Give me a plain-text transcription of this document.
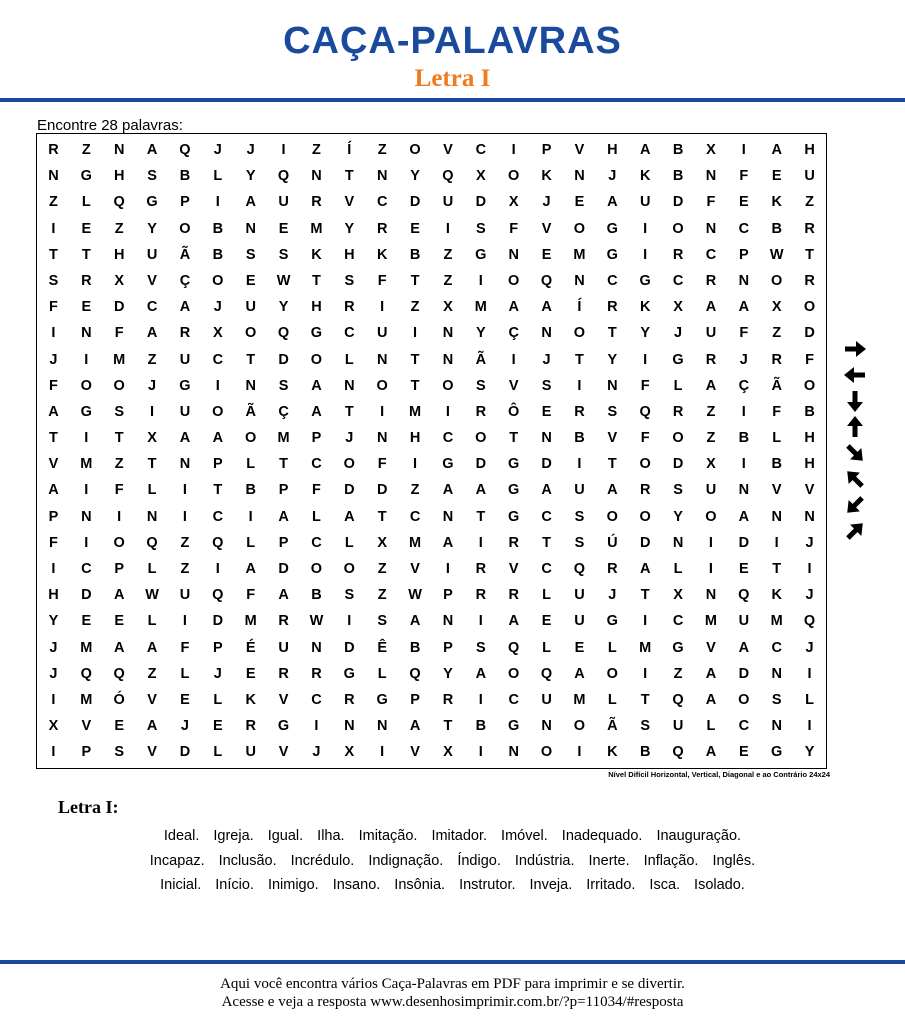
CAÇA-PALAVRAS
Letra I
Encontre 28 palavras:
R	Z	N	A	Q	J	J	I	Z	Í	Z	O	V	C	I	P	V	H	A	B	X	I	A	H
N	G	H	S	B	L	Y	Q	N	T	N	Y	Q	X	O	K	N	J	K	B	N	F	E	U
Z	L	Q	G	P	I	A	U	R	V	C	D	U	D	X	J	E	A	U	D	F	E	K	Z
I	E	Z	Y	O	B	N	E	M	Y	R	E	I	S	F	V	O	G	I	O	N	C	B	R
T	T	H	U	Ã	B	S	S	K	H	K	B	Z	G	N	E	M	G	I	R	C	P	W	T
S	R	X	V	Ç	O	E	W	T	S	F	T	Z	I	O	Q	N	C	G	C	R	N	O	R
F	E	D	C	A	J	U	Y	H	R	I	Z	X	M	A	A	Í	R	K	X	A	A	X	O
I	N	F	A	R	X	O	Q	G	C	U	I	N	Y	Ç	N	O	T	Y	J	U	F	Z	D
J	I	M	Z	U	C	T	D	O	L	N	T	N	Ã	I	J	T	Y	I	G	R	J	R	F
F	O	O	J	G	I	N	S	A	N	O	T	O	S	V	S	I	N	F	L	A	Ç	Ã	O
A	G	S	I	U	O	Ã	Ç	A	T	I	M	I	R	Ô	E	R	S	Q	R	Z	I	F	B
T	I	T	X	A	A	O	M	P	J	N	H	C	O	T	N	B	V	F	O	Z	B	L	H
V	M	Z	T	N	P	L	T	C	O	F	I	G	D	G	D	I	T	O	D	X	I	B	H
A	I	F	L	I	T	B	P	F	D	D	Z	A	A	G	A	U	A	R	S	U	N	V	V
P	N	I	N	I	C	I	A	L	A	T	C	N	T	G	C	S	O	O	Y	O	A	N	N
F	I	O	Q	Z	Q	L	P	C	L	X	M	A	I	R	T	S	Ú	D	N	I	D	I	J
I	C	P	L	Z	I	A	D	O	O	Z	V	I	R	V	C	Q	R	A	L	I	E	T	I
H	D	A	W	U	Q	F	A	B	S	Z	W	P	R	R	L	U	J	T	X	N	Q	K	J
Y	E	E	L	I	D	M	R	W	I	S	A	N	I	A	E	U	G	I	C	M	U	M	Q
J	M	A	A	F	P	É	U	N	D	Ê	B	P	S	Q	L	E	L	M	G	V	A	C	J
J	Q	Q	Z	L	J	E	R	R	G	L	Q	Y	A	O	Q	A	O	I	Z	A	D	N	I
I	M	Ó	V	E	L	K	V	C	R	G	P	R	I	C	U	M	L	T	Q	A	O	S	L
X	V	E	A	J	E	R	G	I	N	N	A	T	B	G	N	O	Ã	S	U	L	C	N	I
I	P	S	V	D	L	U	V	J	X	I	V	X	I	N	O	I	K	B	Q	A	E	G	Y
Nível Difícil Horizontal, Vertical, Diagonal e ao Contrário 24x24
Letra I:
Ideal. Igreja. Igual. Ilha. Imitação. Imitador. Imóvel. Inadequado. Inauguração.
Incapaz. Inclusão. Incrédulo. Indignação. Índigo. Indústria. Inerte. Inflação. Inglês.
Inicial. Início. Inimigo. Insano. Insônia. Instrutor. Inveja. Irritado. Isca. Isolado.
Aqui você encontra vários Caça-Palavras em PDF para imprimir e se divertir.
Acesse e veja a resposta www.desenhosimprimir.com.br/?p=11034/#resposta
